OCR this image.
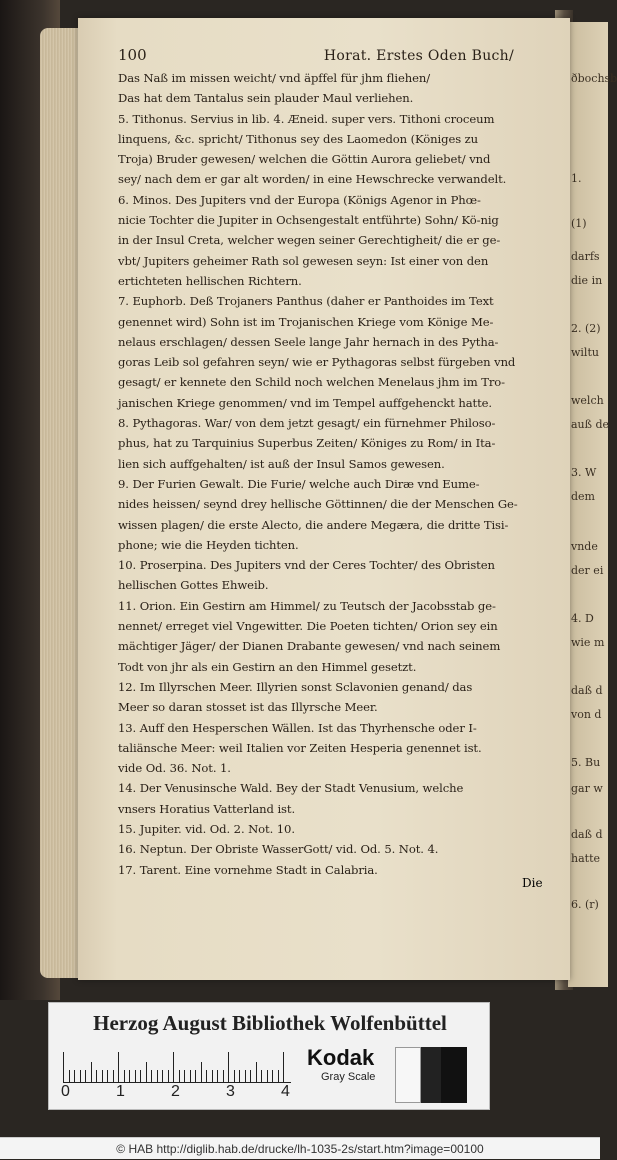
ðbochsb
1.
(1)
darfs
die in
2. (2)
wiltu
welch
auß de
3. W
dem
vnde
der ei
4. D
wie m
daß d
von d
5. Bu
gar w
daß d
hatte
6. (r)
100	Horat. Erstes Oden Buch/
Das Naß im missen weicht/ vnd äpffel für jhm fliehen/
Das hat dem Tantalus sein plauder Maul verliehen.
5. Tithonus. Servius in lib. 4. Æneid. super vers. Tithoni croceum
linquens, &c. spricht/ Tithonus sey des Laomedon (Königes zu
Troja) Bruder gewesen/ welchen die Göttin Aurora geliebet/ vnd
sey/ nach dem er gar alt worden/ in eine Hewschrecke verwandelt.
6. Minos. Des Jupiters vnd der Europa (Königs Agenor in Phœ-
nicie Tochter die Jupiter in Ochsengestalt entführte) Sohn/ Kö-nig
in der Insul Creta, welcher wegen seiner Gerechtigheit/ die er ge-
vbt/ Jupiters geheimer Rath sol gewesen seyn: Ist einer von den
ertichteten hellischen Richtern.
7. Euphorb. Deß Trojaners Panthus (daher er Panthoides im Text
genennet wird) Sohn ist im Trojanischen Kriege vom Könige Me-
nelaus erschlagen/ dessen Seele lange Jahr hernach in des Pytha-
goras Leib sol gefahren seyn/ wie er Pythagoras selbst fürgeben vnd
gesagt/ er kennete den Schild noch welchen Menelaus jhm im Tro-
janischen Kriege genommen/ vnd im Tempel auffgehenckt hatte.
8. Pythagoras. War/ von dem jetzt gesagt/ ein fürnehmer Philoso-
phus, hat zu Tarquinius Superbus Zeiten/ Königes zu Rom/ in Ita-
lien sich auffgehalten/ ist auß der Insul Samos gewesen.
9. Der Furien Gewalt. Die Furie/ welche auch Diræ vnd Eume-
nides heissen/ seynd drey hellische Göttinnen/ die der Menschen Ge-
wissen plagen/ die erste Alecto, die andere Megæra, die dritte Tisi-
phone; wie die Heyden tichten.
10. Proserpina. Des Jupiters vnd der Ceres Tochter/ des Obristen
hellischen Gottes Ehweib.
11. Orion. Ein Gestirn am Himmel/ zu Teutsch der Jacobsstab ge-
nennet/ erreget viel Vngewitter. Die Poeten tichten/ Orion sey ein
mächtiger Jäger/ der Dianen Drabante gewesen/ vnd nach seinem
Todt von jhr als ein Gestirn an den Himmel gesetzt.
12. Im Illyrschen Meer. Illyrien sonst Sclavonien genand/ das
Meer so daran stosset ist das Illyrsche Meer.
13. Auff den Hesperschen Wällen. Ist das Thyrhensche oder I-
taliänsche Meer: weil Italien vor Zeiten Hesperia genennet ist.
vide Od. 36. Not. 1.
14. Der Venusinsche Wald. Bey der Stadt Venusium, welche
vnsers Horatius Vatterland ist.
15. Jupiter. vid. Od. 2. Not. 10.
16. Neptun. Der Obriste WasserGott/ vid. Od. 5. Not. 4.
17. Tarent. Eine vornehme Stadt in Calabria.
Die
Herzog August Bibliothek Wolfenbüttel
0	1	2	3	4
Kodak
Gray Scale
© HAB http://diglib.hab.de/drucke/lh-1035-2s/start.htm?image=00100
